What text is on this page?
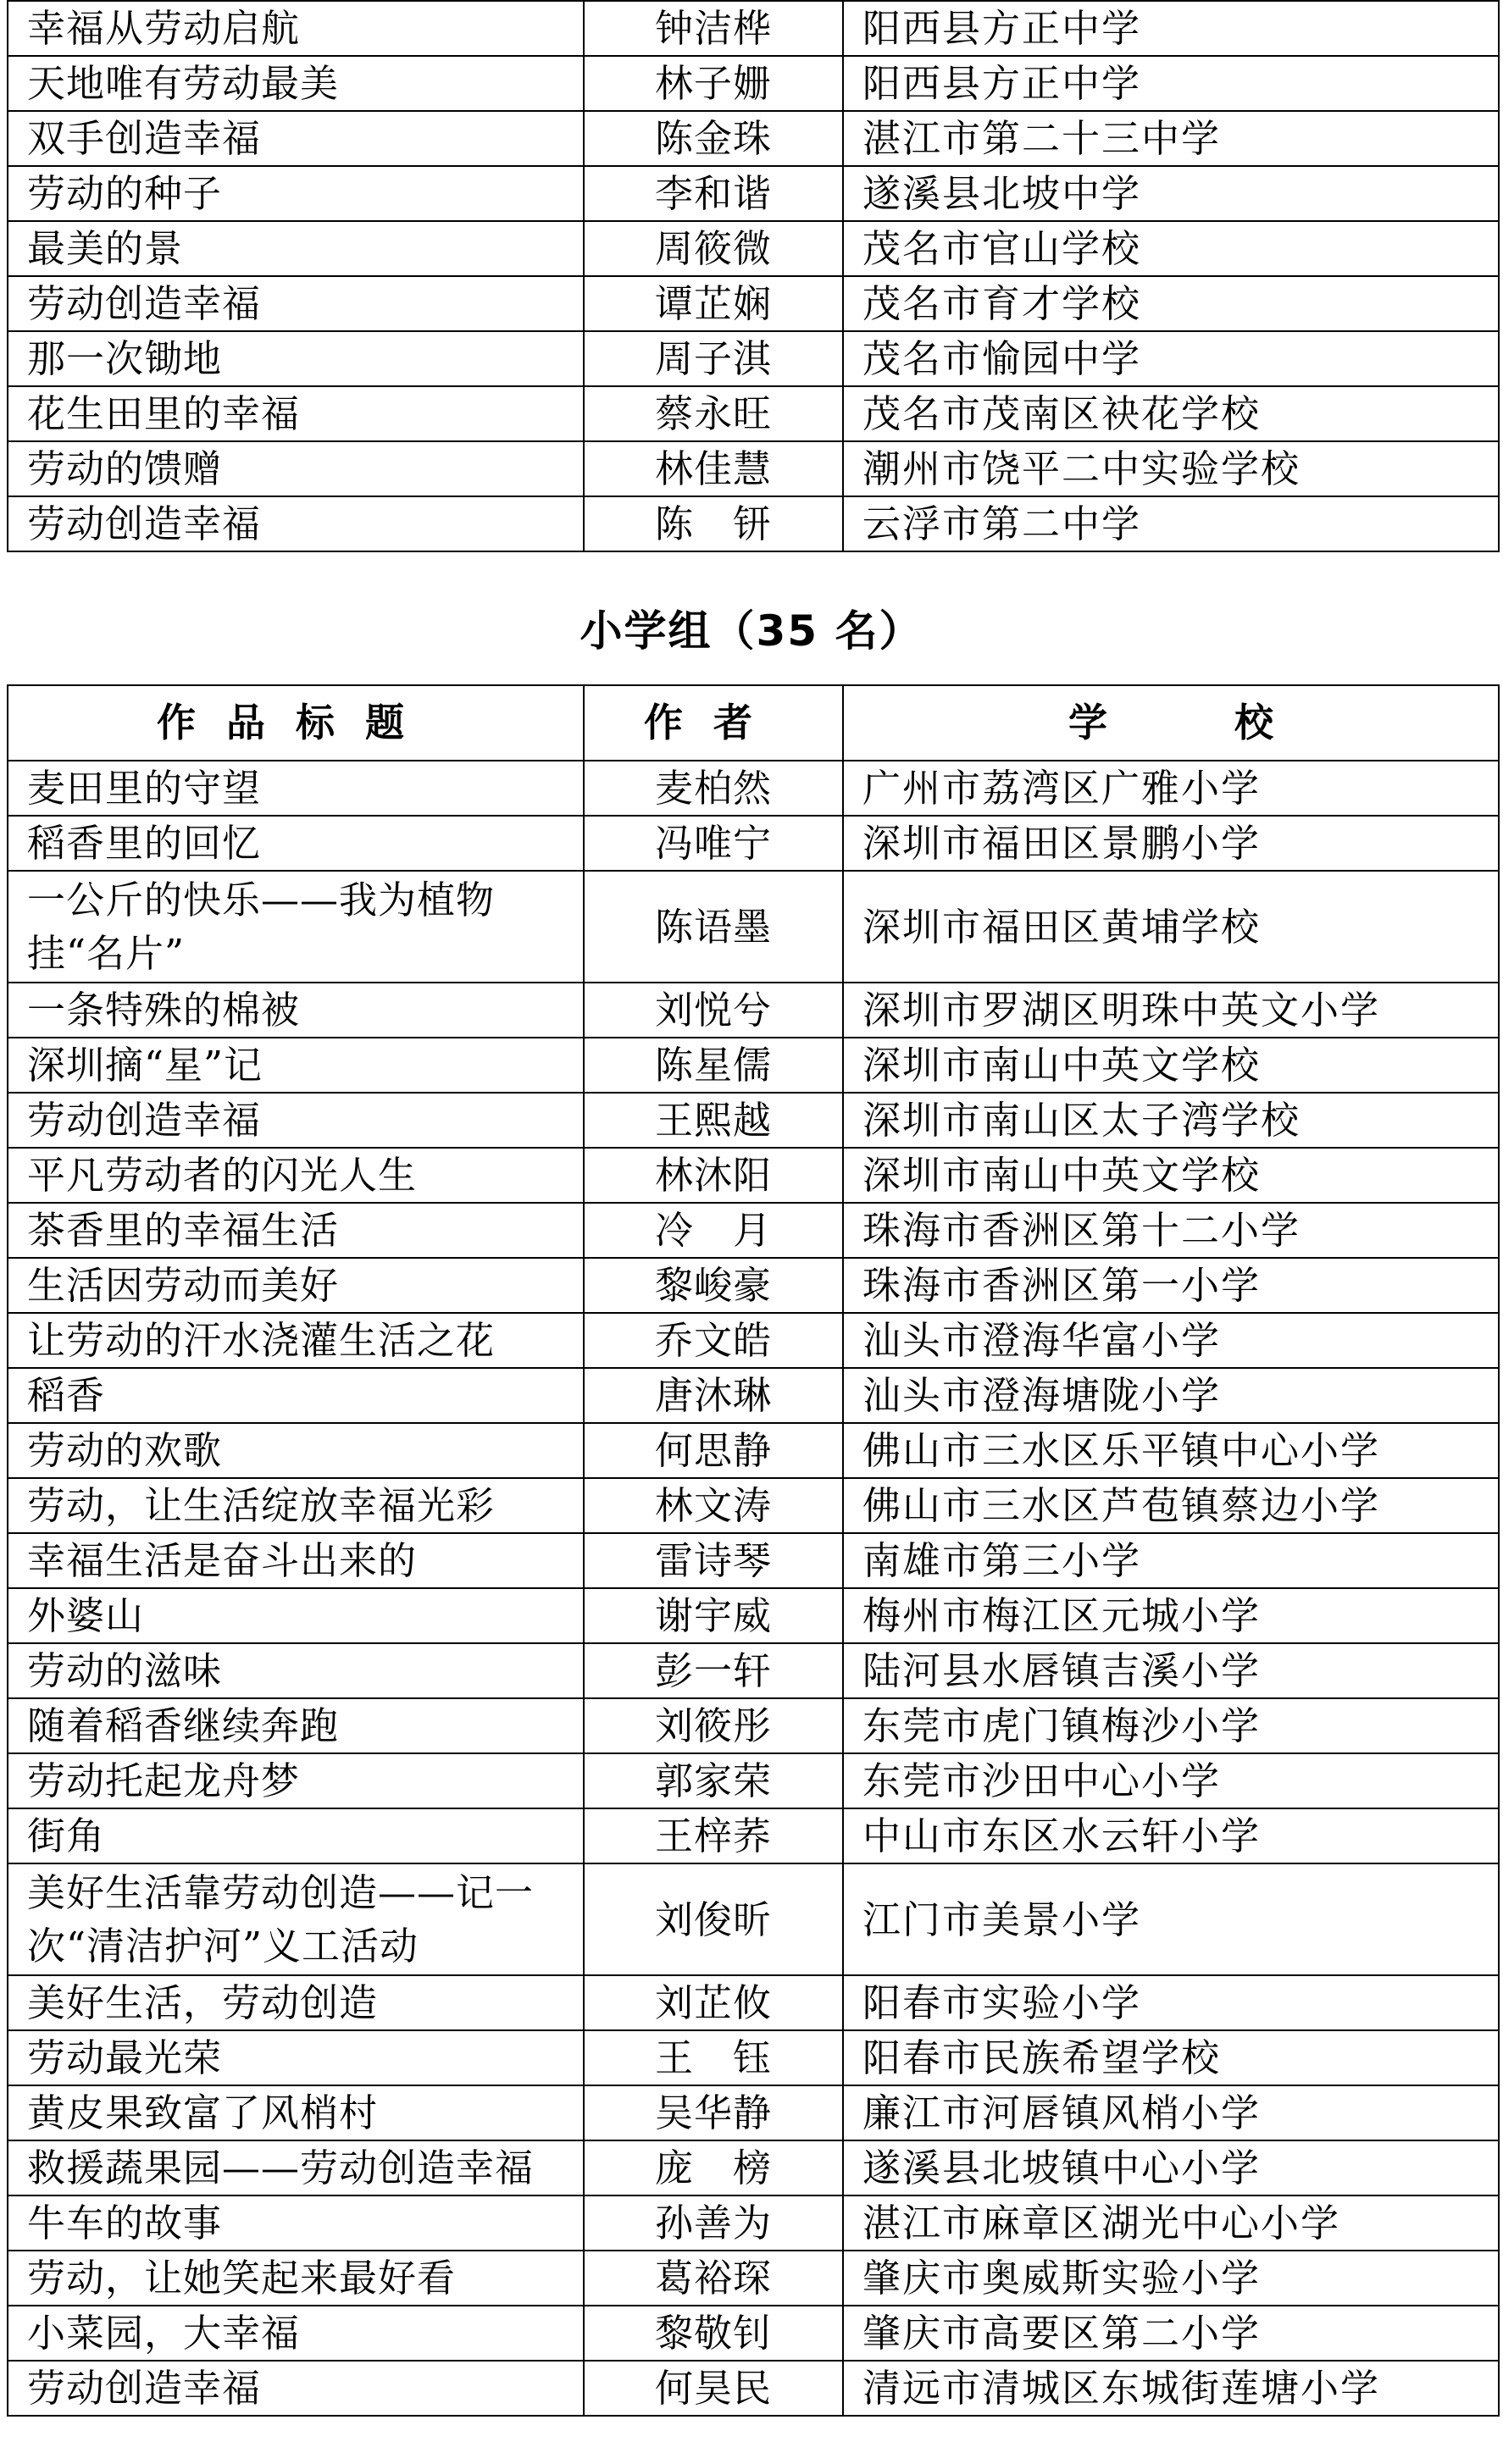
幸福从劳动启航	钟洁桦	阳西县方正中学
天地唯有劳动最美	林子姗	阳西县方正中学
双手创造幸福	陈金珠	湛江市第二十三中学
劳动的种子	李和谐	遂溪县北坡中学
最美的景	周筱微	茂名市官山学校
劳动创造幸福	谭芷娴	茂名市育才学校
那一次锄地	周子淇	茂名市愉园中学
花生田里的幸福	蔡永旺	茂名市茂南区袂花学校
劳动的馈赠	林佳慧	潮州市饶平二中实验学校
劳动创造幸福	陈　钘	云浮市第二中学
小学组（35 名）
作品标题	作者	学校
麦田里的守望	麦柏然	广州市荔湾区广雅小学
稻香里的回忆	冯唯宁	深圳市福田区景鹏小学
一公斤的快乐——我为植物挂“名片”	陈语墨	深圳市福田区黄埔学校
一条特殊的棉被	刘悦兮	深圳市罗湖区明珠中英文小学
深圳摘“星”记	陈星儒	深圳市南山中英文学校
劳动创造幸福	王熙越	深圳市南山区太子湾学校
平凡劳动者的闪光人生	林沐阳	深圳市南山中英文学校
茶香里的幸福生活	冷　月	珠海市香洲区第十二小学
生活因劳动而美好	黎峻豪	珠海市香洲区第一小学
让劳动的汗水浇灌生活之花	乔文皓	汕头市澄海华富小学
稻香	唐沐琳	汕头市澄海塘陇小学
劳动的欢歌	何思静	佛山市三水区乐平镇中心小学
劳动，让生活绽放幸福光彩	林文涛	佛山市三水区芦苞镇蔡边小学
幸福生活是奋斗出来的	雷诗琴	南雄市第三小学
外婆山	谢宇威	梅州市梅江区元城小学
劳动的滋味	彭一轩	陆河县水唇镇吉溪小学
随着稻香继续奔跑	刘筱彤	东莞市虎门镇梅沙小学
劳动托起龙舟梦	郭家荣	东莞市沙田中心小学
街角	王梓荞	中山市东区水云轩小学
美好生活靠劳动创造——记一次“清洁护河”义工活动	刘俊昕	江门市美景小学
美好生活，劳动创造	刘芷攸	阳春市实验小学
劳动最光荣	王　钰	阳春市民族希望学校
黄皮果致富了风梢村	吴华静	廉江市河唇镇风梢小学
救援蔬果园——劳动创造幸福	庞　榜	遂溪县北坡镇中心小学
牛车的故事	孙善为	湛江市麻章区湖光中心小学
劳动，让她笑起来最好看	葛裕琛	肇庆市奥威斯实验小学
小菜园，大幸福	黎敬钊	肇庆市高要区第二小学
劳动创造幸福	何昊民	清远市清城区东城街莲塘小学
